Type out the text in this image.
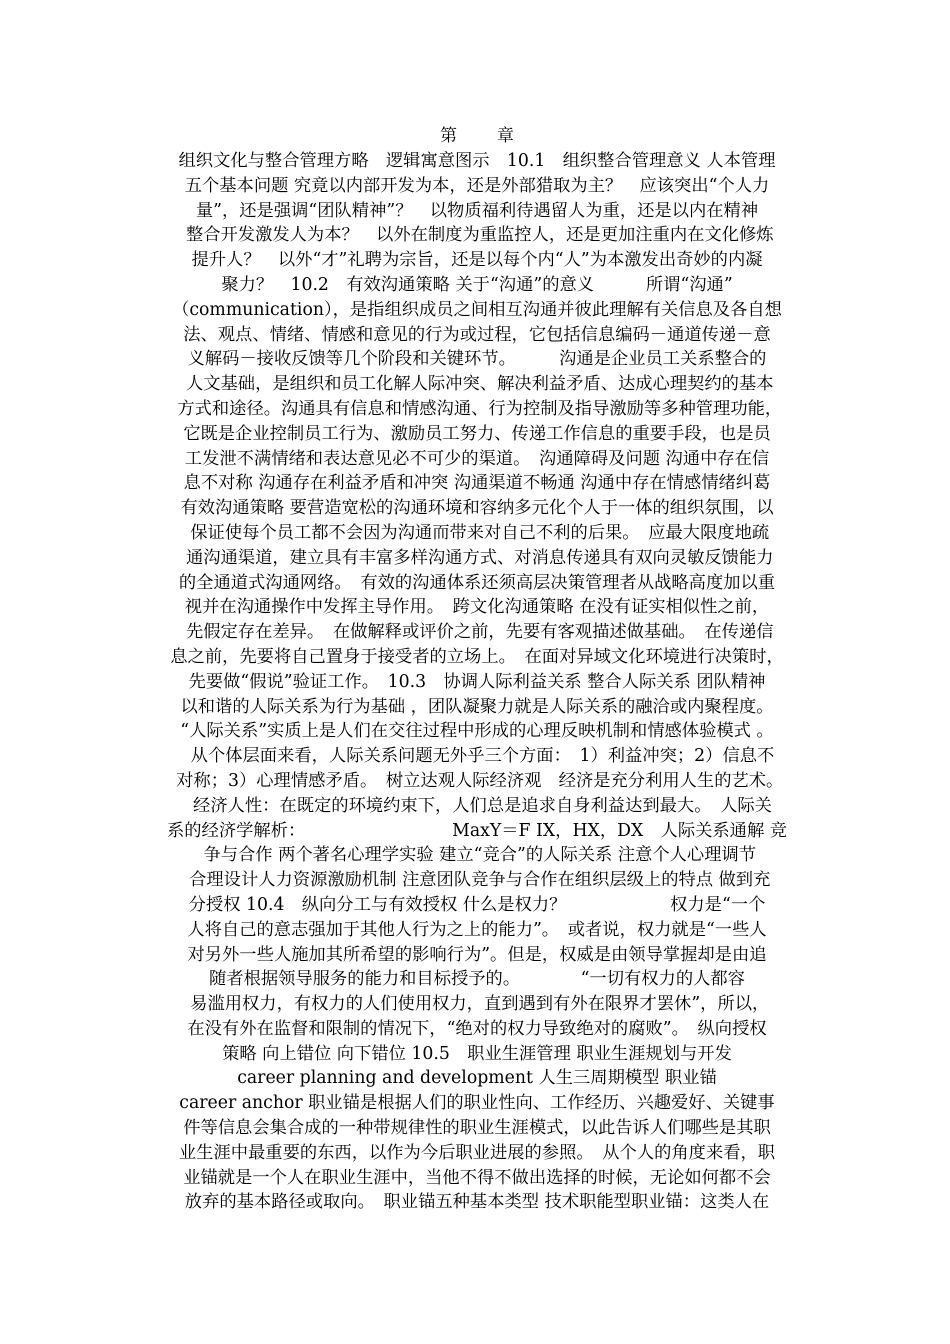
第 章
组织文化与整合管理方略　逻辑寓意图示　10.1　组织整合管理意义 人本管理
五个基本问题 究竟以内部开发为本，还是外部猎取为主？　应该突出“个人力
量”，还是强调“团队精神”？　以物质福利待遇留人为重，还是以内在精神
整合开发激发人为本？　以外在制度为重监控人，还是更加注重内在文化修炼
提升人？　以外“才”礼聘为宗旨，还是以每个内“人”为本激发出奇妙的内凝
聚力？　10.2　有效沟通策略 关于“沟通”的意义　　　所谓“沟通”
（communication），是指组织成员之间相互沟通并彼此理解有关信息及各自想
法、观点、情绪、情感和意见的行为或过程，它包括信息编码－通道传递－意
义解码－接收反馈等几个阶段和关键环节。　　　沟通是企业员工关系整合的
人文基础，是组织和员工化解人际冲突、解决利益矛盾、达成心理契约的基本
方式和途径。沟通具有信息和情感沟通、行为控制及指导激励等多种管理功能，
它既是企业控制员工行为、激励员工努力、传递工作信息的重要手段，也是员
工发泄不满情绪和表达意见必不可少的渠道。　沟通障碍及问题 沟通中存在信
息不对称 沟通存在利益矛盾和冲突 沟通渠道不畅通 沟通中存在情感情绪纠葛
有效沟通策略 要营造宽松的沟通环境和容纳多元化个人于一体的组织氛围，以
保证使每个员工都不会因为沟通而带来对自己不利的后果。　应最大限度地疏
通沟通渠道，建立具有丰富多样沟通方式、对消息传递具有双向灵敏反馈能力
的全通道式沟通网络。　有效的沟通体系还须高层决策管理者从战略高度加以重
视并在沟通操作中发挥主导作用。　跨文化沟通策略 在没有证实相似性之前，
先假定存在差异。　在做解释或评价之前，先要有客观描述做基础。　在传递信
息之前，先要将自己置身于接受者的立场上。　在面对异域文化环境进行决策时，
先要做“假说”验证工作。　10.3　协调人际利益关系 整合人际关系 团队精神
以和谐的人际关系为行为基础 ，团队凝聚力就是人际关系的融洽或内聚程度。
“人际关系”实质上是人们在交往过程中形成的心理反映机制和情感体验模式 。
从个体层面来看，人际关系问题无外乎三个方面：　1）利益冲突；2）信息不
对称；3）心理情感矛盾。　树立达观人际经济观　经济是充分利用人生的艺术。
经济人性：在既定的环境约束下，人们总是追求自身利益达到最大。　人际关
系的经济学解析：　　　　　　　　　MaxY＝F IX，HX，DX　人际关系通解 竞
争与合作 两个著名心理学实验 建立“竞合”的人际关系 注意个人心理调节
合理设计人力资源激励机制 注意团队竞争与合作在组织层级上的特点 做到充
分授权 10.4　纵向分工与有效授权 什么是权力？　　　　　　权力是“一个
人将自己的意志强加于其他人行为之上的能力”。　或者说，权力就是“一些人
对另外一些人施加其所希望的影响行为”。但是，权威是由领导掌握却是由追
随者根据领导服务的能力和目标授予的。　　　　“一切有权力的人都容
易滥用权力，有权力的人们使用权力，直到遇到有外在限界才罢休”，所以，
在没有外在监督和限制的情况下，“绝对的权力导致绝对的腐败”。　纵向授权
策略 向上错位 向下错位 10.5　职业生涯管理 职业生涯规划与开发
career planning and development 人生三周期模型 职业锚
career anchor 职业锚是根据人们的职业性向、工作经历、兴趣爱好、关键事
件等信息会集合成的一种带规律性的职业生涯模式，以此告诉人们哪些是其职
业生涯中最重要的东西，以作为今后职业进展的参照。　从个人的角度来看，职
业锚就是一个人在职业生涯中，当他不得不做出选择的时候，无论如何都不会
放弃的基本路径或取向。　职业锚五种基本类型 技术职能型职业锚：这类人在
